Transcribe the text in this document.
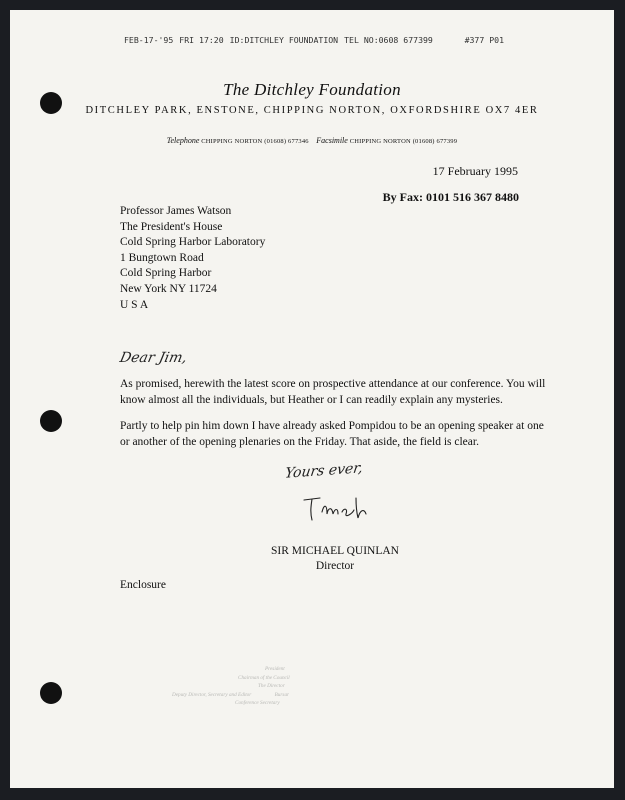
FEB-17-'95 FRI 17:20 ID:DITCHLEY FOUNDATION TEL NO:0608 677399	#377 P01
The Ditchley Foundation
DITCHLEY PARK, ENSTONE, CHIPPING NORTON, OXFORDSHIRE OX7 4ER
Telephone CHIPPING NORTON (01608) 677346 Facsimile CHIPPING NORTON (01608) 677399
17 February 1995
By Fax: 0101 516 367 8480
Professor James Watson
The President's House
Cold Spring Harbor Laboratory
1 Bungtown Road
Cold Spring Harbor
New York NY 11724
U S A
Dear Jim,
As promised, herewith the latest score on prospective attendance at our conference. You will know almost all the individuals, but Heather or I can readily explain any mysteries.
Partly to help pin him down I have already asked Pompidou to be an opening speaker at one or another of the opening plenaries on the Friday. That aside, the field is clear.
Yours ever,
SIR MICHAEL QUINLAN
Director
Enclosure
President
Chairman of the Council
The Director
Deputy Director, Secretary and Editor	Bursar
Conference Secretary
